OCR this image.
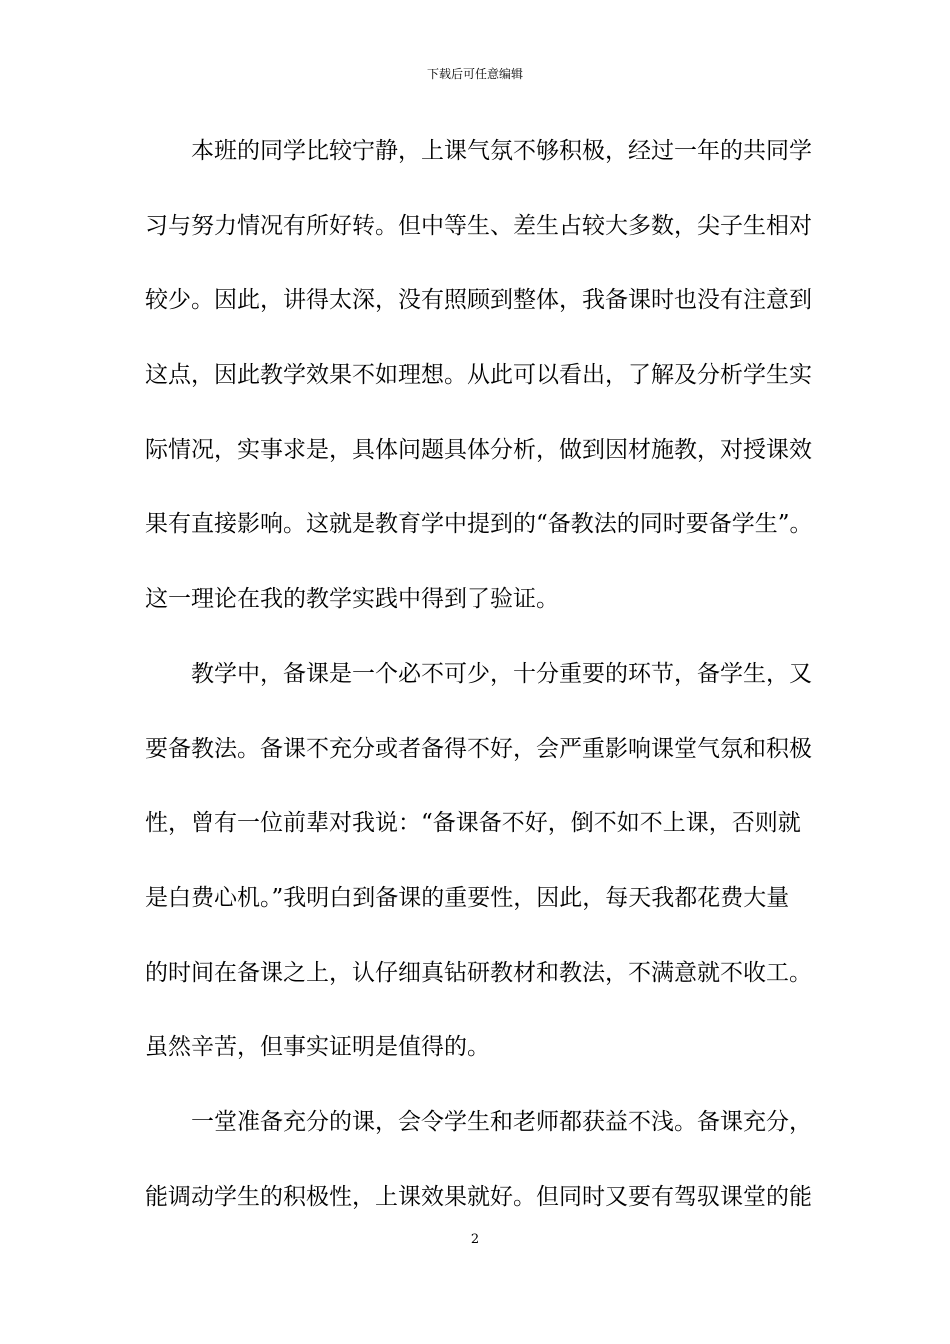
下载后可任意编辑
本班的同学比较宁静，上课气氛不够积极，经过一年的共同学
习与努力情况有所好转。但中等生、差生占较大多数，尖子生相对
较少。因此，讲得太深，没有照顾到整体，我备课时也没有注意到
这点，因此教学效果不如理想。从此可以看出，了解及分析学生实
际情况，实事求是，具体问题具体分析，做到因材施教，对授课效
果有直接影响。这就是教育学中提到的“备教法的同时要备学生”。
这一理论在我的教学实践中得到了验证。
教学中，备课是一个必不可少，十分重要的环节，备学生，又
要备教法。备课不充分或者备得不好，会严重影响课堂气氛和积极
性，曾有一位前辈对我说：“备课备不好，倒不如不上课，否则就
是白费心机。”我明白到备课的重要性，因此，每天我都花费大量
的时间在备课之上，认仔细真钻研教材和教法，不满意就不收工。
虽然辛苦，但事实证明是值得的。
一堂准备充分的课，会令学生和老师都获益不浅。备课充分，
能调动学生的积极性，上课效果就好。但同时又要有驾驭课堂的能
2
